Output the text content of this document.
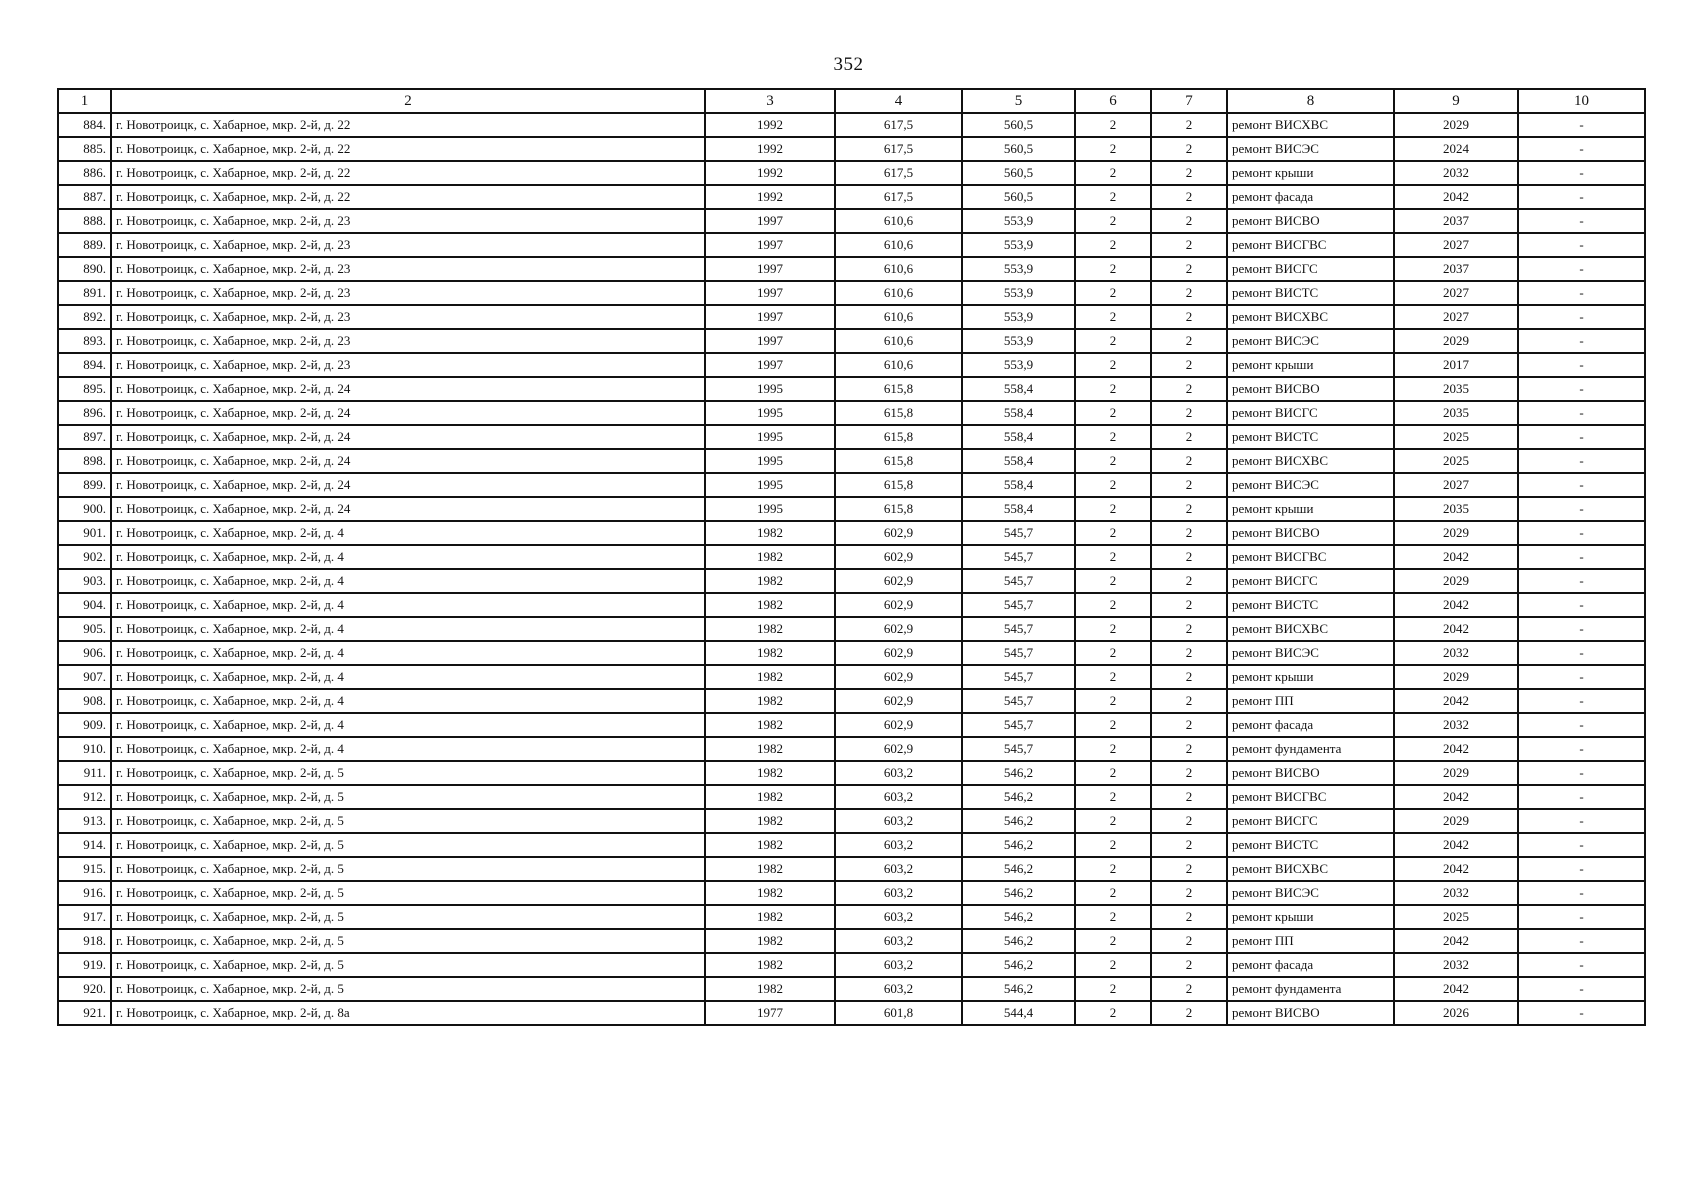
352
1	2	3	4	5	6	7	8	9	10
884.	г. Новотроицк, с. Хабарное, мкр. 2-й, д. 22	1992	617,5	560,5	2	2	ремонт ВИСХВС	2029	-
885.	г. Новотроицк, с. Хабарное, мкр. 2-й, д. 22	1992	617,5	560,5	2	2	ремонт ВИСЭС	2024	-
886.	г. Новотроицк, с. Хабарное, мкр. 2-й, д. 22	1992	617,5	560,5	2	2	ремонт крыши	2032	-
887.	г. Новотроицк, с. Хабарное, мкр. 2-й, д. 22	1992	617,5	560,5	2	2	ремонт фасада	2042	-
888.	г. Новотроицк, с. Хабарное, мкр. 2-й, д. 23	1997	610,6	553,9	2	2	ремонт ВИСВО	2037	-
889.	г. Новотроицк, с. Хабарное, мкр. 2-й, д. 23	1997	610,6	553,9	2	2	ремонт ВИСГВС	2027	-
890.	г. Новотроицк, с. Хабарное, мкр. 2-й, д. 23	1997	610,6	553,9	2	2	ремонт ВИСГС	2037	-
891.	г. Новотроицк, с. Хабарное, мкр. 2-й, д. 23	1997	610,6	553,9	2	2	ремонт ВИСТС	2027	-
892.	г. Новотроицк, с. Хабарное, мкр. 2-й, д. 23	1997	610,6	553,9	2	2	ремонт ВИСХВС	2027	-
893.	г. Новотроицк, с. Хабарное, мкр. 2-й, д. 23	1997	610,6	553,9	2	2	ремонт ВИСЭС	2029	-
894.	г. Новотроицк, с. Хабарное, мкр. 2-й, д. 23	1997	610,6	553,9	2	2	ремонт крыши	2017	-
895.	г. Новотроицк, с. Хабарное, мкр. 2-й, д. 24	1995	615,8	558,4	2	2	ремонт ВИСВО	2035	-
896.	г. Новотроицк, с. Хабарное, мкр. 2-й, д. 24	1995	615,8	558,4	2	2	ремонт ВИСГС	2035	-
897.	г. Новотроицк, с. Хабарное, мкр. 2-й, д. 24	1995	615,8	558,4	2	2	ремонт ВИСТС	2025	-
898.	г. Новотроицк, с. Хабарное, мкр. 2-й, д. 24	1995	615,8	558,4	2	2	ремонт ВИСХВС	2025	-
899.	г. Новотроицк, с. Хабарное, мкр. 2-й, д. 24	1995	615,8	558,4	2	2	ремонт ВИСЭС	2027	-
900.	г. Новотроицк, с. Хабарное, мкр. 2-й, д. 24	1995	615,8	558,4	2	2	ремонт крыши	2035	-
901.	г. Новотроицк, с. Хабарное, мкр. 2-й, д. 4	1982	602,9	545,7	2	2	ремонт ВИСВО	2029	-
902.	г. Новотроицк, с. Хабарное, мкр. 2-й, д. 4	1982	602,9	545,7	2	2	ремонт ВИСГВС	2042	-
903.	г. Новотроицк, с. Хабарное, мкр. 2-й, д. 4	1982	602,9	545,7	2	2	ремонт ВИСГС	2029	-
904.	г. Новотроицк, с. Хабарное, мкр. 2-й, д. 4	1982	602,9	545,7	2	2	ремонт ВИСТС	2042	-
905.	г. Новотроицк, с. Хабарное, мкр. 2-й, д. 4	1982	602,9	545,7	2	2	ремонт ВИСХВС	2042	-
906.	г. Новотроицк, с. Хабарное, мкр. 2-й, д. 4	1982	602,9	545,7	2	2	ремонт ВИСЭС	2032	-
907.	г. Новотроицк, с. Хабарное, мкр. 2-й, д. 4	1982	602,9	545,7	2	2	ремонт крыши	2029	-
908.	г. Новотроицк, с. Хабарное, мкр. 2-й, д. 4	1982	602,9	545,7	2	2	ремонт ПП	2042	-
909.	г. Новотроицк, с. Хабарное, мкр. 2-й, д. 4	1982	602,9	545,7	2	2	ремонт фасада	2032	-
910.	г. Новотроицк, с. Хабарное, мкр. 2-й, д. 4	1982	602,9	545,7	2	2	ремонт фундамента	2042	-
911.	г. Новотроицк, с. Хабарное, мкр. 2-й, д. 5	1982	603,2	546,2	2	2	ремонт ВИСВО	2029	-
912.	г. Новотроицк, с. Хабарное, мкр. 2-й, д. 5	1982	603,2	546,2	2	2	ремонт ВИСГВС	2042	-
913.	г. Новотроицк, с. Хабарное, мкр. 2-й, д. 5	1982	603,2	546,2	2	2	ремонт ВИСГС	2029	-
914.	г. Новотроицк, с. Хабарное, мкр. 2-й, д. 5	1982	603,2	546,2	2	2	ремонт ВИСТС	2042	-
915.	г. Новотроицк, с. Хабарное, мкр. 2-й, д. 5	1982	603,2	546,2	2	2	ремонт ВИСХВС	2042	-
916.	г. Новотроицк, с. Хабарное, мкр. 2-й, д. 5	1982	603,2	546,2	2	2	ремонт ВИСЭС	2032	-
917.	г. Новотроицк, с. Хабарное, мкр. 2-й, д. 5	1982	603,2	546,2	2	2	ремонт крыши	2025	-
918.	г. Новотроицк, с. Хабарное, мкр. 2-й, д. 5	1982	603,2	546,2	2	2	ремонт ПП	2042	-
919.	г. Новотроицк, с. Хабарное, мкр. 2-й, д. 5	1982	603,2	546,2	2	2	ремонт фасада	2032	-
920.	г. Новотроицк, с. Хабарное, мкр. 2-й, д. 5	1982	603,2	546,2	2	2	ремонт фундамента	2042	-
921.	г. Новотроицк, с. Хабарное, мкр. 2-й, д. 8а	1977	601,8	544,4	2	2	ремонт ВИСВО	2026	-
